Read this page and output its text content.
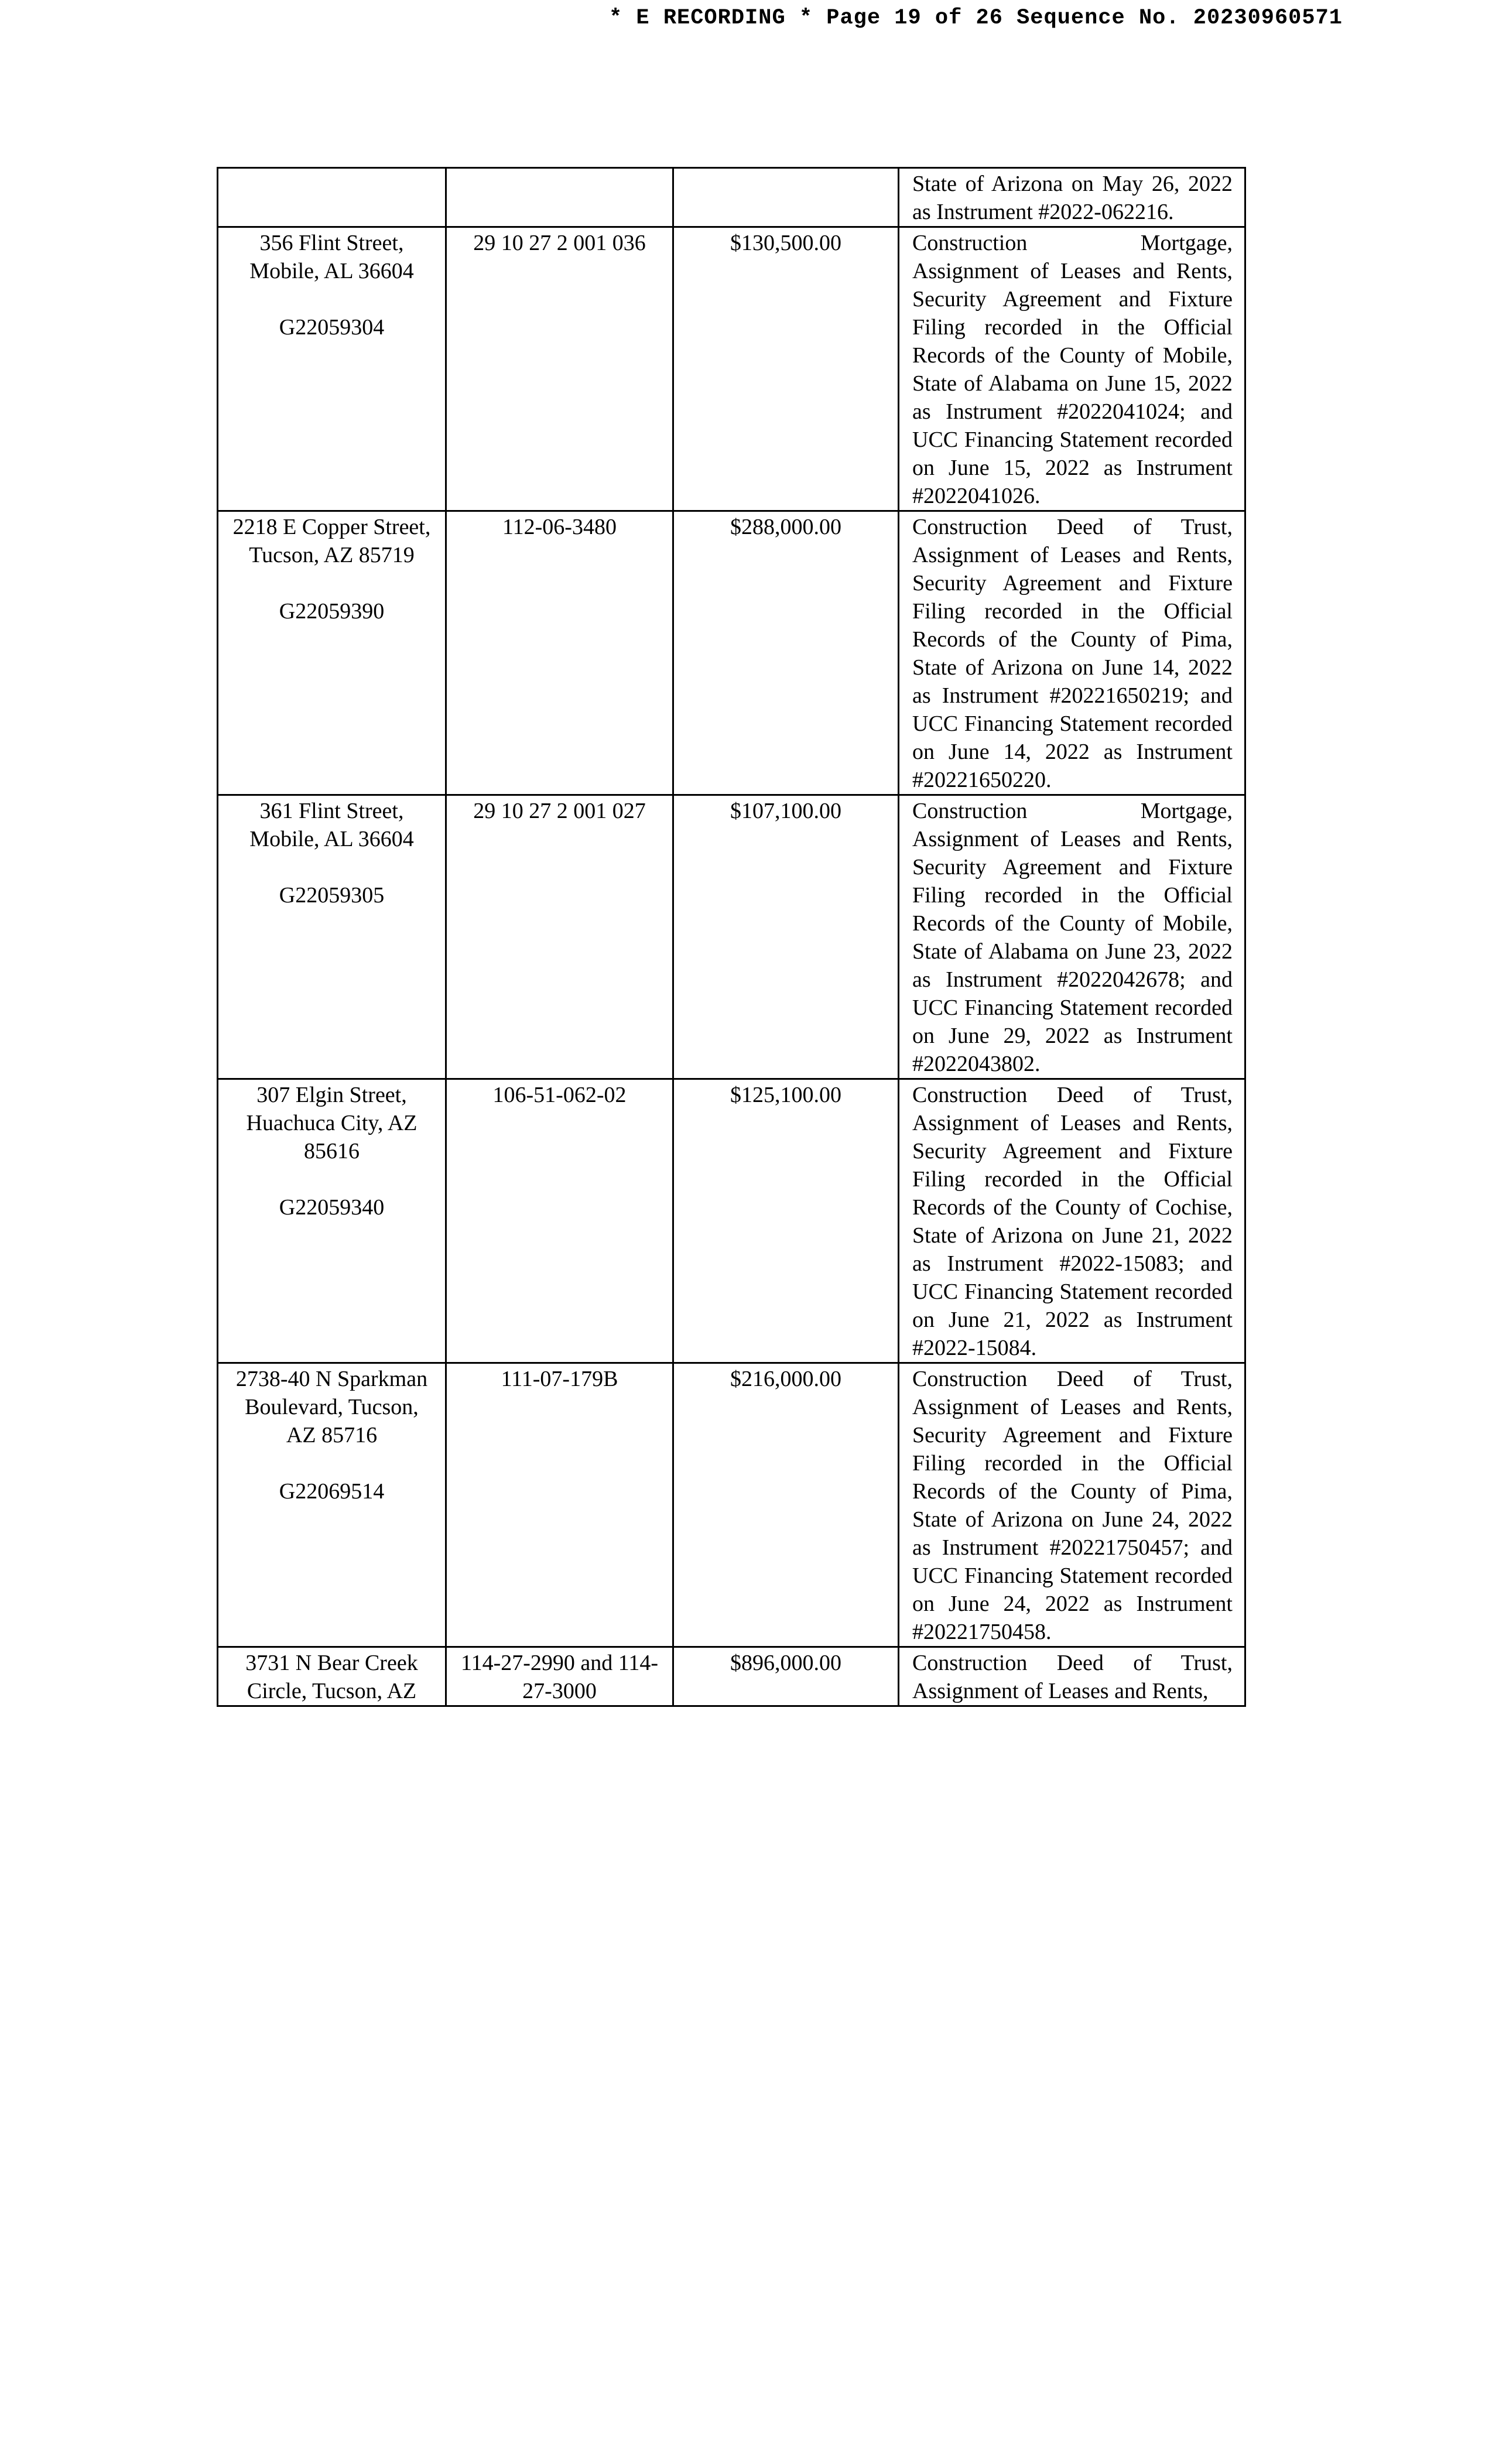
* E RECORDING * Page 19 of 26 Sequence No. 20230960571
			State of Arizona on May 26, 2022 as Instrument #2022-062216.

356 Flint Street, Mobile, AL 36604
G22059304	29 10 27 2 001 036	$130,500.00	Construction Mortgage, Assignment of Leases and Rents, Security Agreement and Fixture Filing recorded in the Official Records of the County of Mobile, State of Alabama on June 15, 2022 as Instrument #2022041024; and UCC Financing Statement recorded on June 15, 2022 as Instrument #2022041026.

2218 E Copper Street, Tucson, AZ 85719
G22059390	112-06-3480	$288,000.00	Construction Deed of Trust, Assignment of Leases and Rents, Security Agreement and Fixture Filing recorded in the Official Records of the County of Pima, State of Arizona on June 14, 2022 as Instrument #20221650219; and UCC Financing Statement recorded on June 14, 2022 as Instrument #20221650220.

361 Flint Street, Mobile, AL 36604
G22059305	29 10 27 2 001 027	$107,100.00	Construction Mortgage, Assignment of Leases and Rents, Security Agreement and Fixture Filing recorded in the Official Records of the County of Mobile, State of Alabama on June 23, 2022 as Instrument #2022042678; and UCC Financing Statement recorded on June 29, 2022 as Instrument #2022043802.

307 Elgin Street, Huachuca City, AZ 85616
G22059340	106-51-062-02	$125,100.00	Construction Deed of Trust, Assignment of Leases and Rents, Security Agreement and Fixture Filing recorded in the Official Records of the County of Cochise, State of Arizona on June 21, 2022 as Instrument #2022-15083; and UCC Financing Statement recorded on June 21, 2022 as Instrument #2022-15084.

2738-40 N Sparkman Boulevard, Tucson, AZ 85716
G22069514	111-07-179B	$216,000.00	Construction Deed of Trust, Assignment of Leases and Rents, Security Agreement and Fixture Filing recorded in the Official Records of the County of Pima, State of Arizona on June 24, 2022 as Instrument #20221750457; and UCC Financing Statement recorded on June 24, 2022 as Instrument #20221750458.

3731 N Bear Creek Circle, Tucson, AZ	114-27-2990 and 114-27-3000	$896,000.00	Construction Deed of Trust, Assignment of Leases and Rents,
